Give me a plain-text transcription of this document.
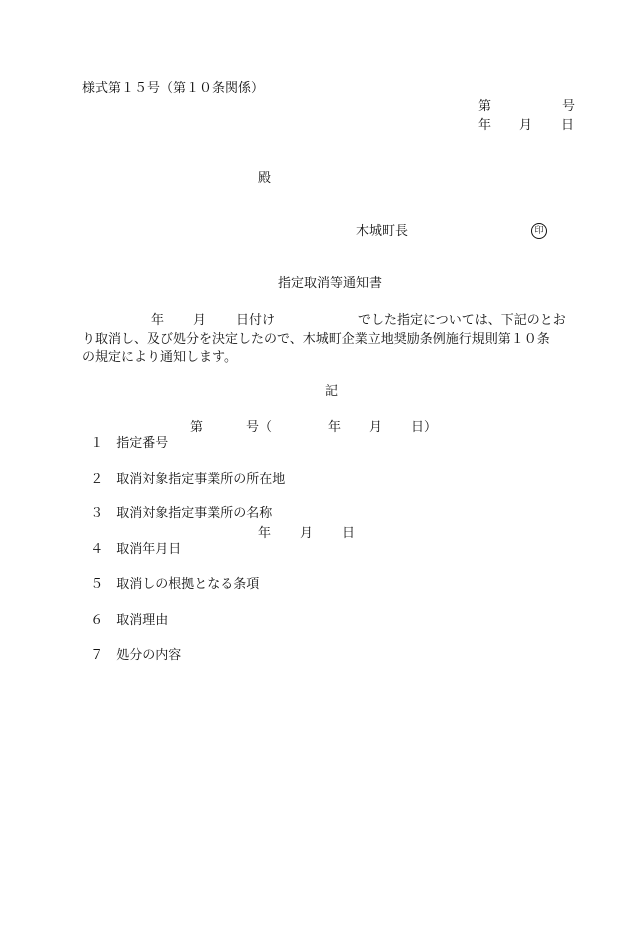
様式第１５号（第１０条関係）
第	号
年 月 日
殿
木城町長	印
指定取消等通知書
年 月 日付け	でした指定については、下記のとお
り取消し、及び処分を決定したので、木城町企業立地奨励条例施行規則第１０条
の規定により通知します。
記

１ 指定番号

第	号（	年 月 日）

２ 取消対象指定事業所の所在地

３ 取消対象指定事業所の名称

４ 取消年月日

年 月 日

５ 取消しの根拠となる条項

６ 取消理由

７ 処分の内容
